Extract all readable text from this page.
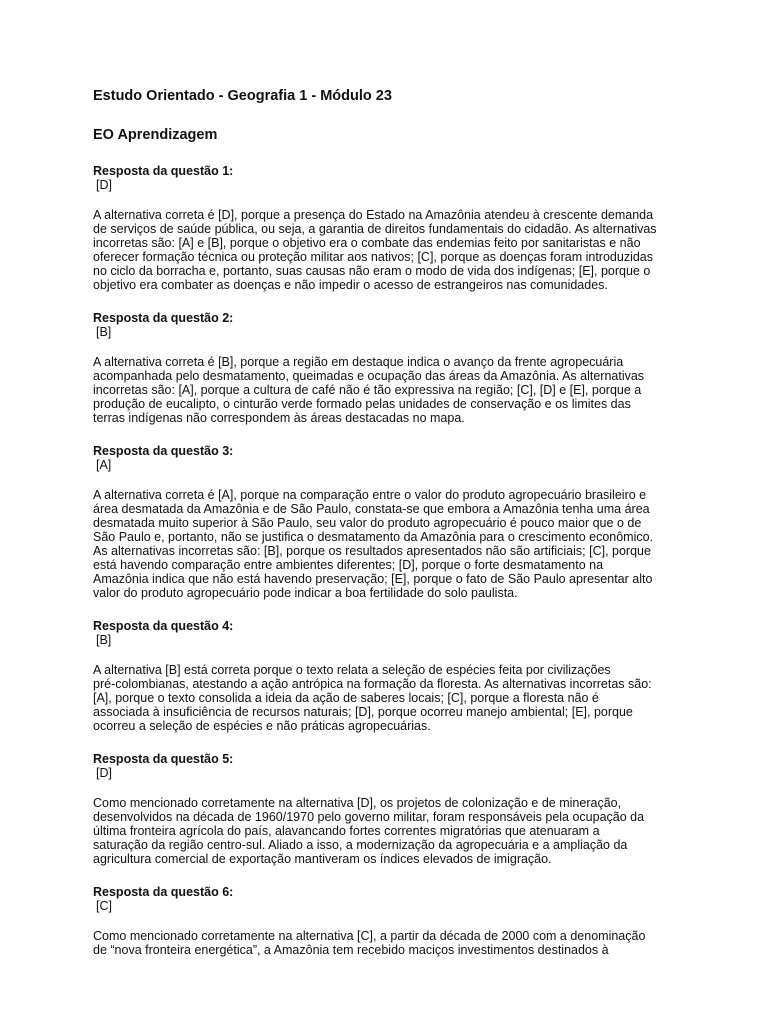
Estudo Orientado - Geografia 1 - Módulo 23
EO Aprendizagem

Resposta da questão 1:

[D]

A alternativa correta é [D], porque a presença do Estado na Amazônia atendeu à crescente demanda
de serviços de saúde pública, ou seja, a garantia de direitos fundamentais do cidadão. As alternativas
incorretas são: [A] e [B], porque o objetivo era o combate das endemias feito por sanitaristas e não
oferecer formação técnica ou proteção militar aos nativos; [C], porque as doenças foram introduzidas
no ciclo da borracha e, portanto, suas causas não eram o modo de vida dos indígenas; [E], porque o
objetivo era combater as doenças e não impedir o acesso de estrangeiros nas comunidades.

Resposta da questão 2:

[B]

A alternativa correta é [B], porque a região em destaque indica o avanço da frente agropecuária
acompanhada pelo desmatamento, queimadas e ocupação das áreas da Amazônia. As alternativas
incorretas são: [A], porque a cultura de café não é tão expressiva na região; [C], [D] e [E], porque a
produção de eucalipto, o cinturão verde formado pelas unidades de conservação e os limites das
terras indígenas não correspondem às áreas destacadas no mapa.

Resposta da questão 3:

[A]

A alternativa correta é [A], porque na comparação entre o valor do produto agropecuário brasileiro e
área desmatada da Amazônia e de São Paulo, constata-se que embora a Amazônia tenha uma área
desmatada muito superior à São Paulo, seu valor do produto agropecuário é pouco maior que o de
São Paulo e, portanto, não se justifica o desmatamento da Amazônia para o crescimento econômico.
As alternativas incorretas são: [B], porque os resultados apresentados não são artificiais; [C], porque
está havendo comparação entre ambientes diferentes; [D], porque o forte desmatamento na
Amazônia indica que não está havendo preservação; [E], porque o fato de São Paulo apresentar alto
valor do produto agropecuário pode indicar a boa fertilidade do solo paulista.

Resposta da questão 4:

[B]

A alternativa [B] está correta porque o texto relata a seleção de espécies feita por civilizações
pré-colombianas, atestando a ação antrópica na formação da floresta. As alternativas incorretas são:
[A], porque o texto consolida a ideia da ação de saberes locais; [C], porque a floresta não é
associada à insuficiência de recursos naturais; [D], porque ocorreu manejo ambiental; [E], porque
ocorreu a seleção de espécies e não práticas agropecuárias.

Resposta da questão 5:

[D]

Como mencionado corretamente na alternativa [D], os projetos de colonização e de mineração,
desenvolvidos na década de 1960/1970 pelo governo militar, foram responsáveis pela ocupação da
última fronteira agrícola do país, alavancando fortes correntes migratórias que atenuaram a
saturação da região centro-sul. Aliado a isso, a modernização da agropecuária e a ampliação da
agricultura comercial de exportação mantiveram os índices elevados de imigração.

Resposta da questão 6:

[C]

Como mencionado corretamente na alternativa [C], a partir da década de 2000 com a denominação
de “nova fronteira energética”, a Amazônia tem recebido maciços investimentos destinados à
